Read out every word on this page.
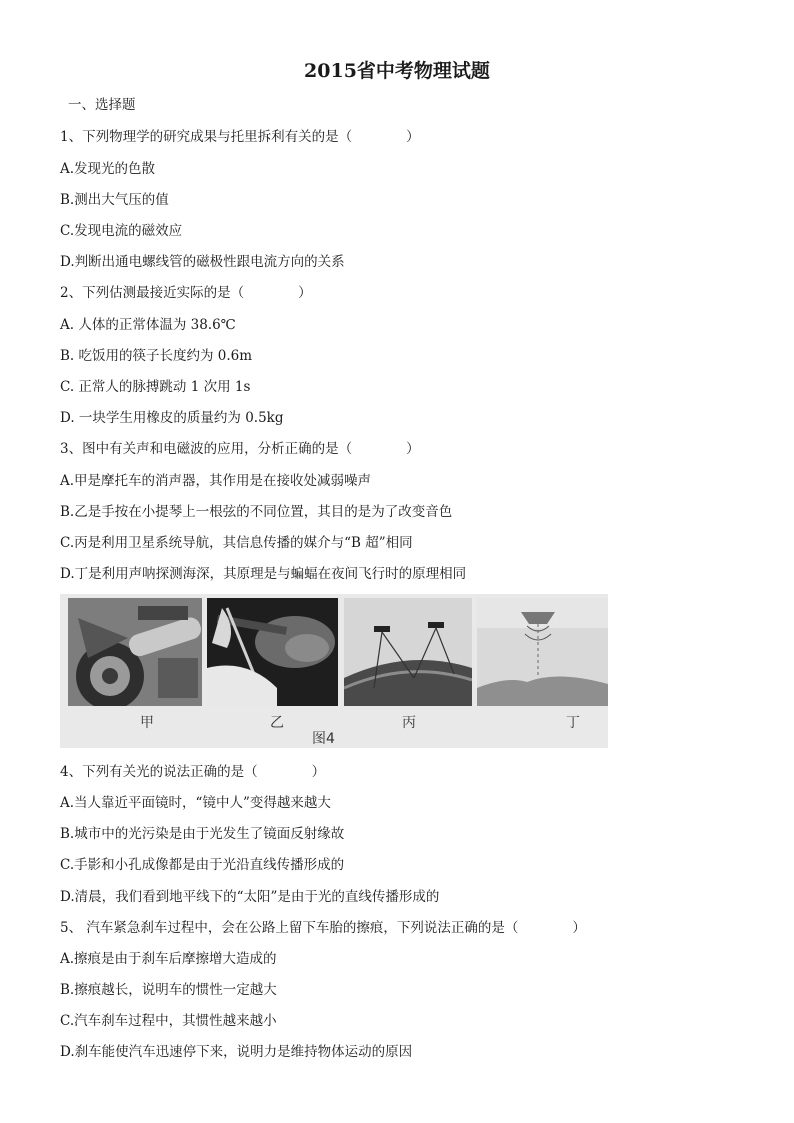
2015省中考物理试题
一、选择题
1、下列物理学的研究成果与托里拆利有关的是（	）
A.发现光的色散
B.测出大气压的值
C.发现电流的磁效应
D.判断出通电螺线管的磁极性跟电流方向的关系
2、下列估测最接近实际的是（	）
A. 人体的正常体温为 38.6℃
B. 吃饭用的筷子长度约为 0.6m
C. 正常人的脉搏跳动 1 次用 1s
D. 一块学生用橡皮的质量约为 0.5kg
3、图中有关声和电磁波的应用，分析正确的是（	）
A.甲是摩托车的消声器，其作用是在接收处减弱噪声
B.乙是手按在小提琴上一根弦的不同位置，其目的是为了改变音色
C.丙是利用卫星系统导航，其信息传播的媒介与“B 超”相同
D.丁是利用声呐探测海深，其原理是与蝙蝠在夜间飞行时的原理相同
甲	乙	丙	丁
图4
4、下列有关光的说法正确的是（	）
A.当人靠近平面镜时，“镜中人”变得越来越大
B.城市中的光污染是由于光发生了镜面反射缘故
C.手影和小孔成像都是由于光沿直线传播形成的
D.清晨，我们看到地平线下的“太阳”是由于光的直线传播形成的
5、 汽车紧急刹车过程中，会在公路上留下车胎的擦痕，下列说法正确的是（	）
A.擦痕是由于刹车后摩擦增大造成的
B.擦痕越长，说明车的惯性一定越大
C.汽车刹车过程中，其惯性越来越小
D.刹车能使汽车迅速停下来，说明力是维持物体运动的原因
